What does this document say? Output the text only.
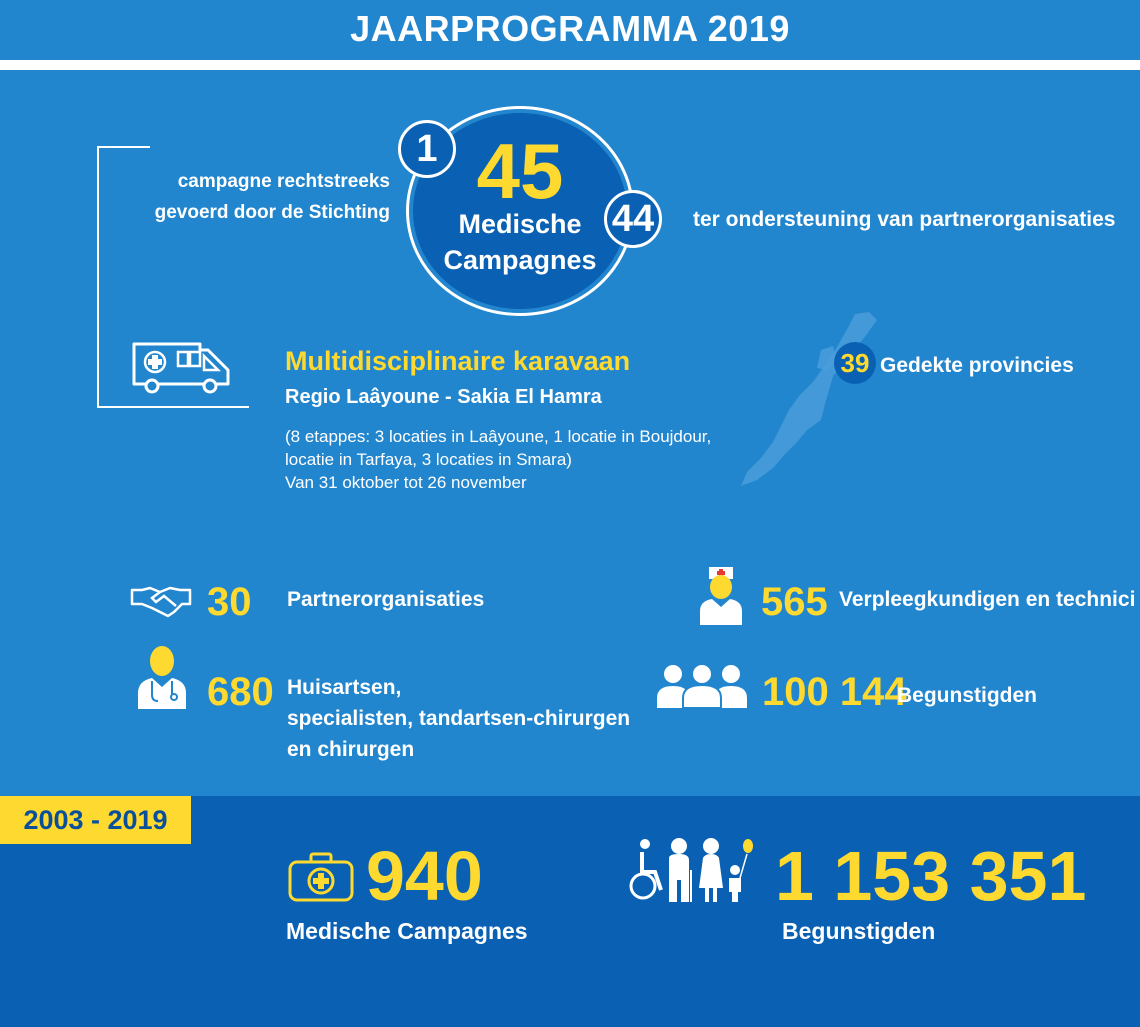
JAARPROGRAMMA 2019
45
Medische
Campagnes
1
44
campagne rechtstreeks
gevoerd door de Stichting	ter ondersteuning van partnerorganisaties
Multidisciplinaire karavaan
Regio Laâyoune - Sakia El Hamra
(8 etappes: 3 locaties in Laâyoune, 1 locatie in Boujdour,
locatie in Tarfaya, 3 locaties in Smara)
Van 31 oktober tot 26 november
39 Gedekte provincies
30 Partnerorganisaties	565 Verpleegkundigen en technici
680 Huisartsen,
specialisten, tandartsen-chirurgen
en chirurgen
100 144
Begunstigden
2003 - 2019
940
Medische Campagnes
1 153 351
Begunstigden
